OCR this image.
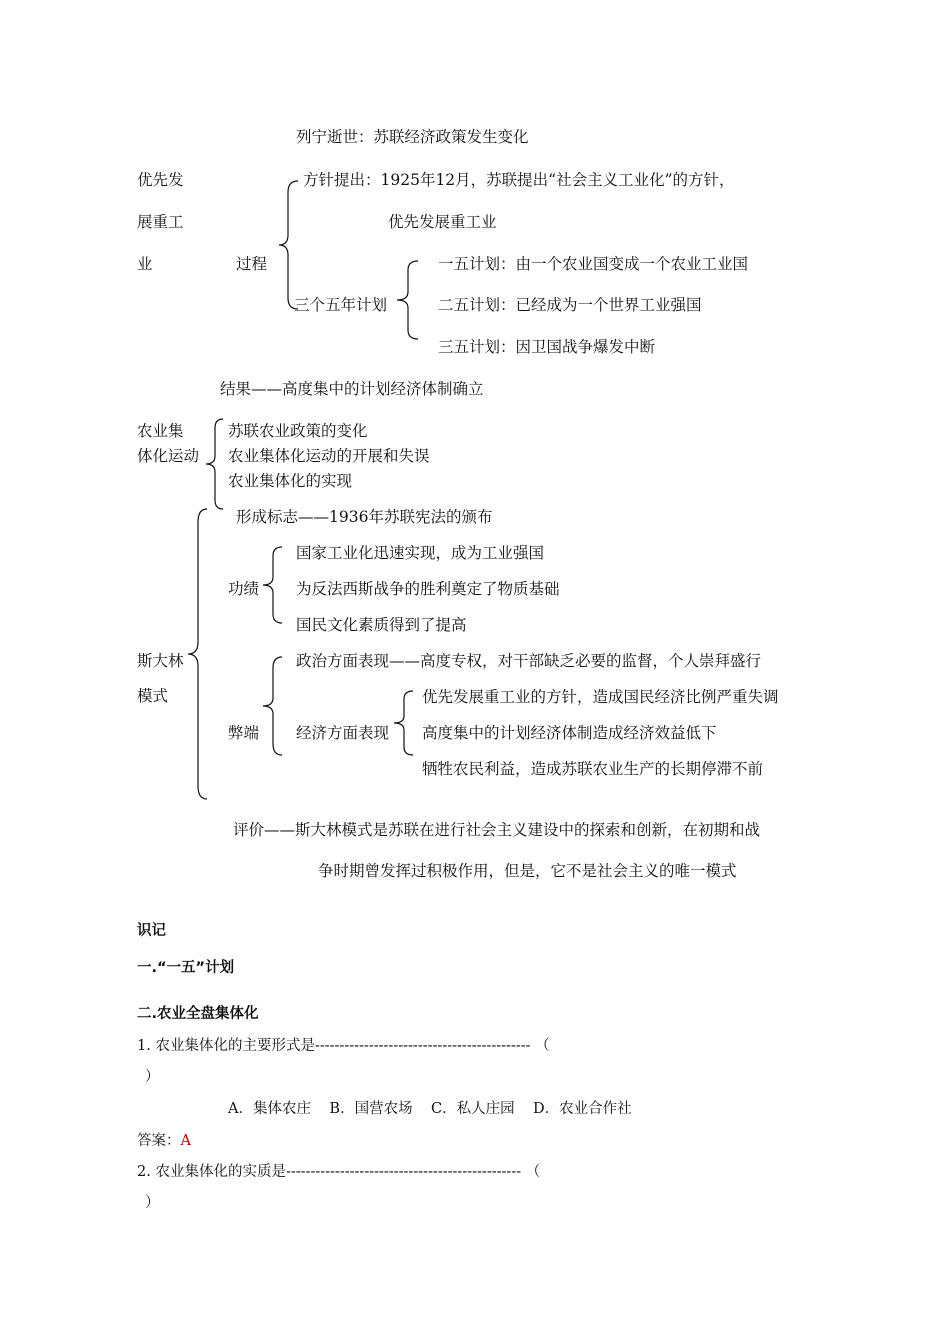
列宁逝世：苏联经济政策发生变化
优先发
展重工
业	过程
方针提出：1925年12月，苏联提出“社会主义工业化”的方针，
优先发展重工业
三个五年计划
一五计划：由一个农业国变成一个农业工业国
二五计划：已经成为一个世界工业强国
三五计划：因卫国战争爆发中断
结果——高度集中的计划经济体制确立
农业集
体化运动
苏联农业政策的变化
农业集体化运动的开展和失误
农业集体化的实现
斯大林
模式
形成标志——1936年苏联宪法的颁布
功绩
国家工业化迅速实现，成为工业强国
为反法西斯战争的胜利奠定了物质基础
国民文化素质得到了提高
弊端
政治方面表现——高度专权，对干部缺乏必要的监督，个人崇拜盛行
经济方面表现
优先发展重工业的方针，造成国民经济比例严重失调
高度集中的计划经济体制造成经济效益低下
牺牲农民利益，造成苏联农业生产的长期停滞不前
评价——斯大林模式是苏联在进行社会主义建设中的探索和创新，在初期和战
争时期曾发挥过积极作用，但是，它不是社会主义的唯一模式
识记
一.“一五”计划
二.农业全盘集体化
1. 农业集体化的主要形式是-------------------------------------------- （
）
A．集体农庄    B．国营农场    C．私人庄园    D．农业合作社
答案：A
2. 农业集体化的实质是------------------------------------------------ （
）
